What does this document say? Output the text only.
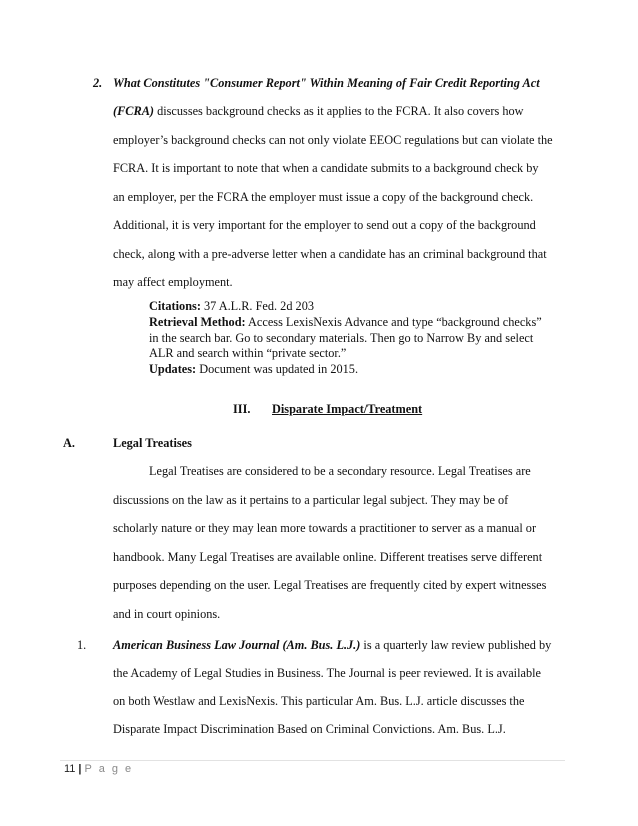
2. What Constitutes "Consumer Report" Within Meaning of Fair Credit Reporting Act
(FCRA) discusses background checks as it applies to the FCRA. It also covers how
employer’s background checks can not only violate EEOC regulations but can violate the
FCRA. It is important to note that when a candidate submits to a background check by
an employer, per the FCRA the employer must issue a copy of the background check.
Additional, it is very important for the employer to send out a copy of the background
check, along with a pre-adverse letter when a candidate has an criminal background that
may affect employment.
Citations: 37 A.L.R. Fed. 2d 203
Retrieval Method: Access LexisNexis Advance and type “background checks”
in the search bar. Go to secondary materials. Then go to Narrow By and select
ALR and search within “private sector.”
Updates: Document was updated in 2015.
III. Disparate Impact/Treatment
A.	Legal Treatises
Legal Treatises are considered to be a secondary resource. Legal Treatises are
discussions on the law as it pertains to a particular legal subject. They may be of
scholarly nature or they may lean more towards a practitioner to server as a manual or
handbook. Many Legal Treatises are available online. Different treatises serve different
purposes depending on the user. Legal Treatises are frequently cited by expert witnesses
and in court opinions.
1. American Business Law Journal (Am. Bus. L.J.) is a quarterly law review published by
the Academy of Legal Studies in Business. The Journal is peer reviewed. It is available
on both Westlaw and LexisNexis. This particular Am. Bus. L.J. article discusses the
Disparate Impact Discrimination Based on Criminal Convictions. Am. Bus. L.J.
11 | P a g e
